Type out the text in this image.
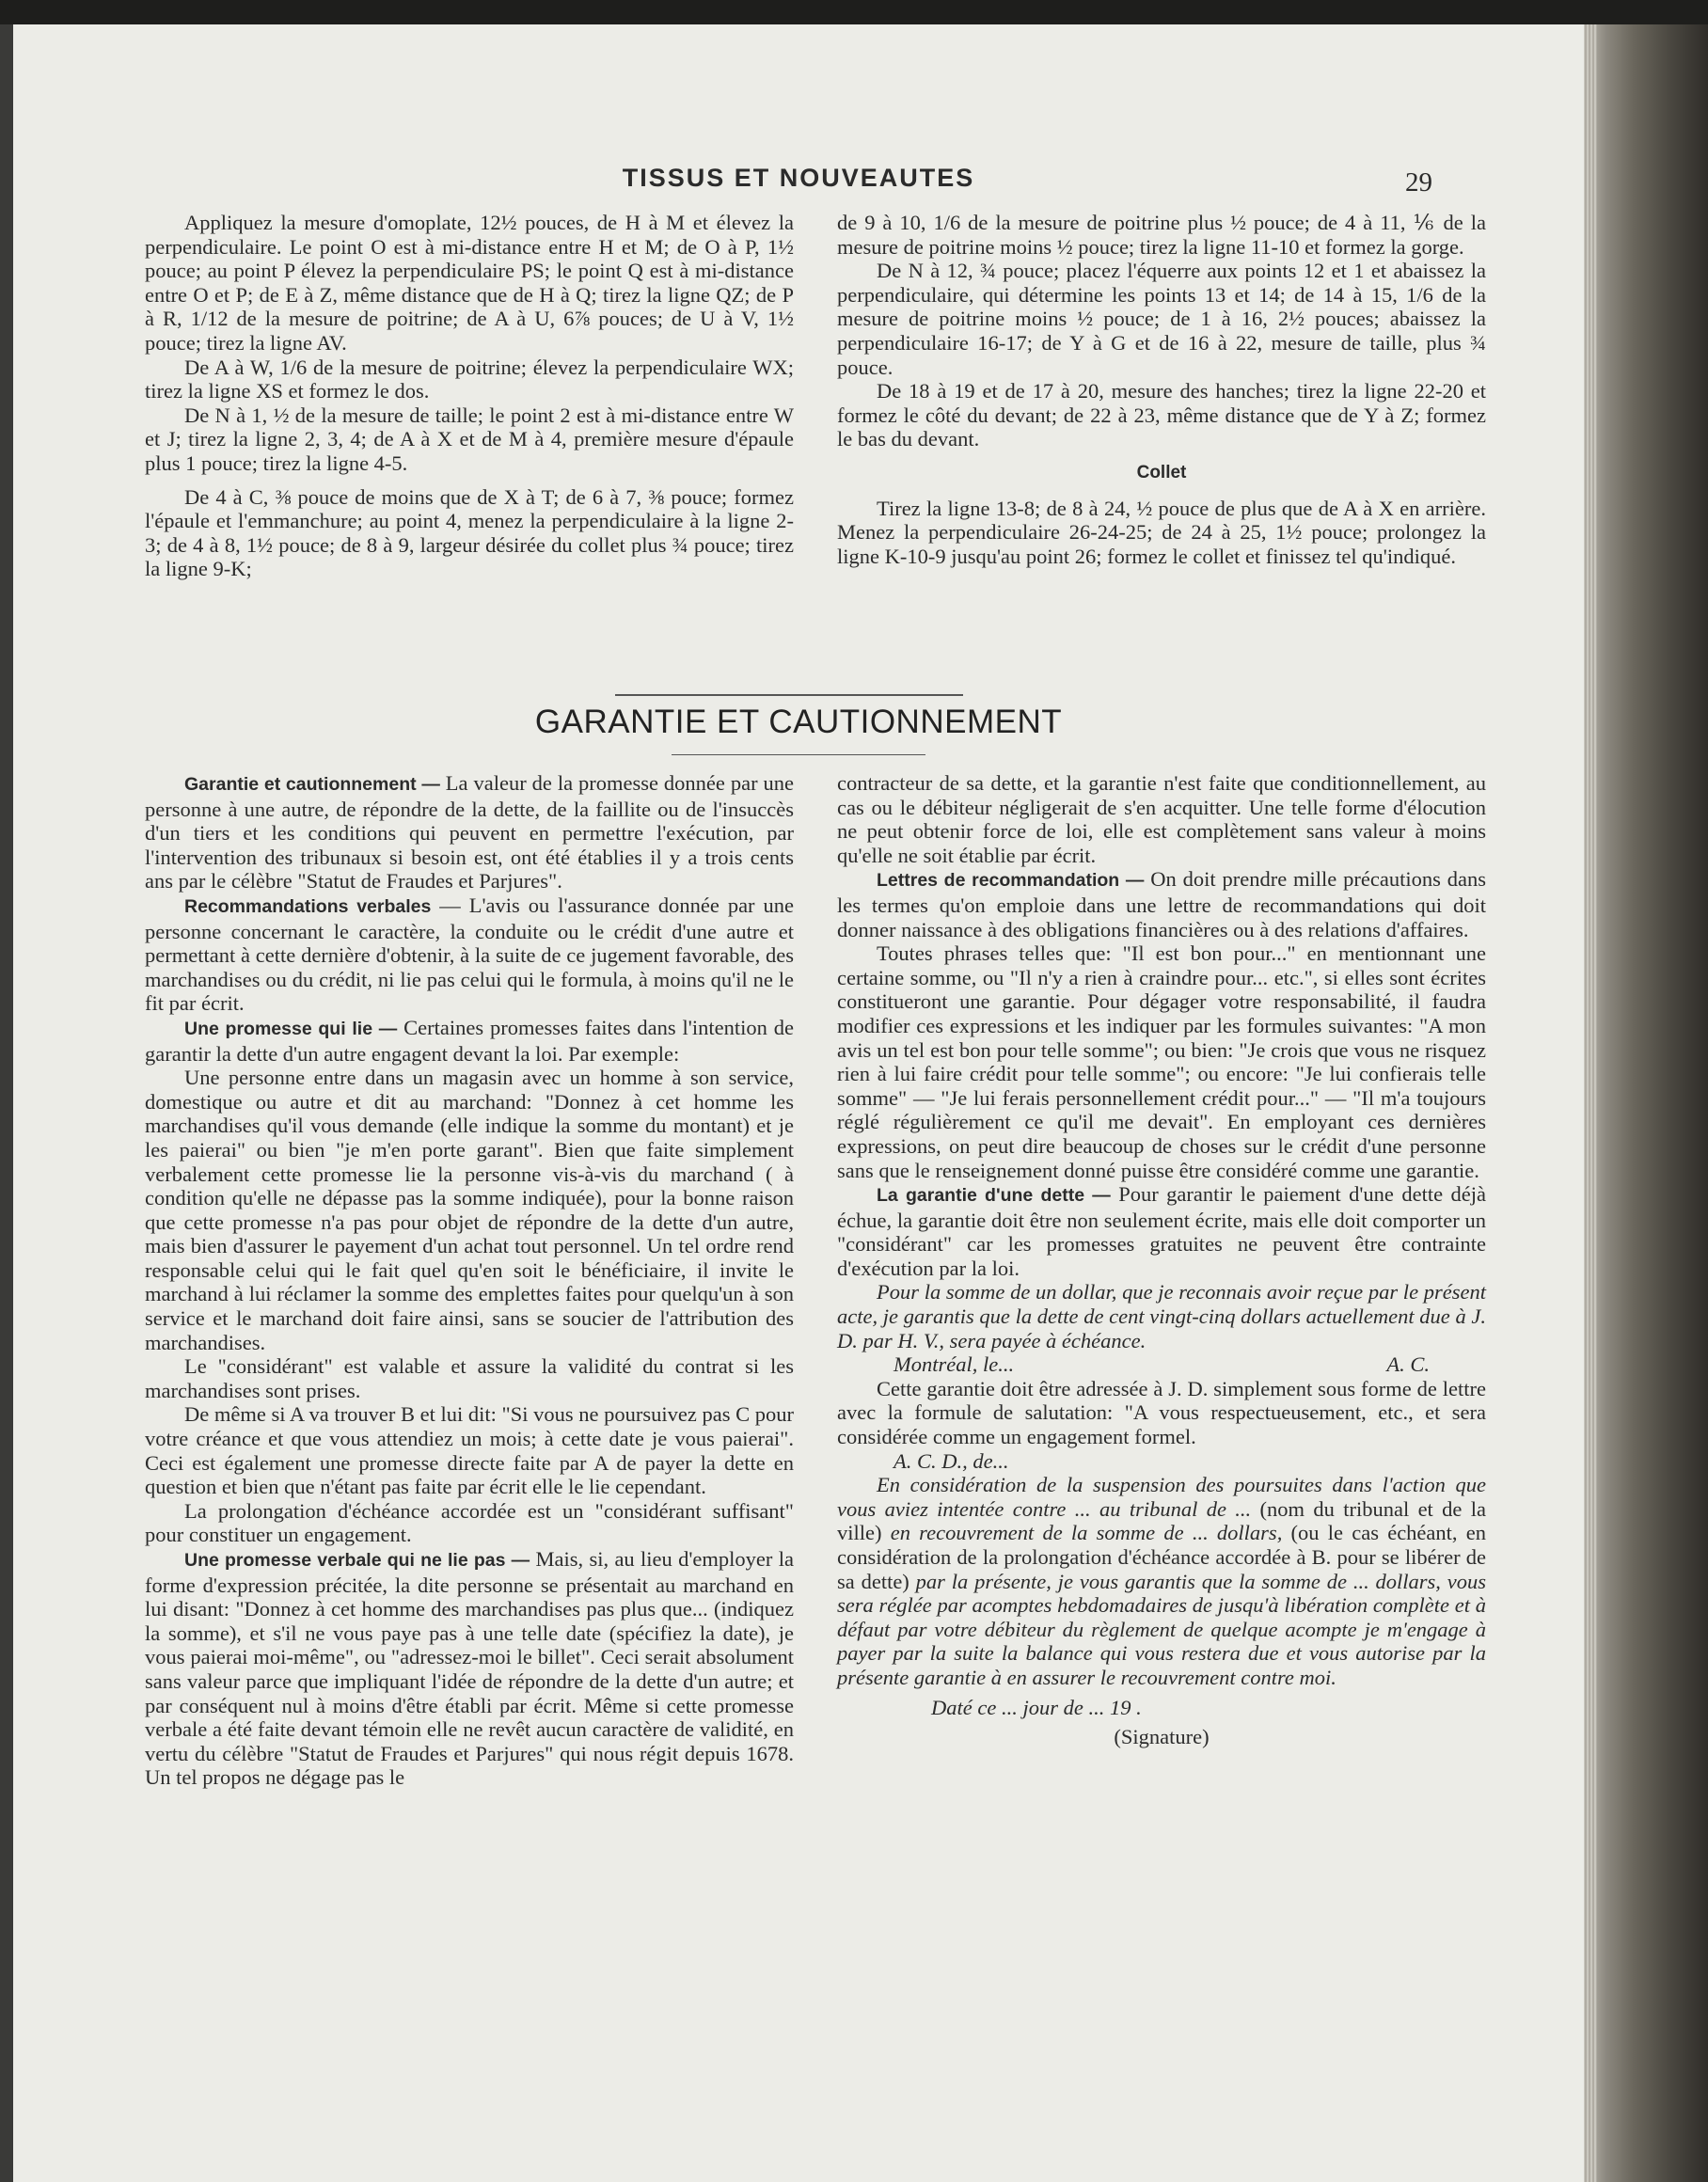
TISSUS ET NOUVEAUTES	29

Appliquez la mesure d'omoplate, 12½ pouces, de H à M et élevez la perpendiculaire. Le point O est à mi-distance entre H et M; de O à P, 1½ pouce; au point P élevez la perpendiculaire PS; le point Q est à mi-distance entre O et P; de E à Z, même distance que de H à Q; tirez la ligne QZ; de P à R, 1/12 de la mesure de poitrine; de A à U, 6⅞ pouces; de U à V, 1½ pouce; tirez la ligne AV.

De A à W, 1/6 de la mesure de poitrine; élevez la perpendiculaire WX; tirez la ligne XS et formez le dos.

De N à 1, ½ de la mesure de taille; le point 2 est à mi-distance entre W et J; tirez la ligne 2, 3, 4; de A à X et de M à 4, première mesure d'épaule plus 1 pouce; tirez la ligne 4-5.

De 4 à C, ⅜ pouce de moins que de X à T; de 6 à 7, ⅜ pouce; formez l'épaule et l'emmanchure; au point 4, menez la perpendiculaire à la ligne 2-3; de 4 à 8, 1½ pouce; de 8 à 9, largeur désirée du collet plus ¾ pouce; tirez la ligne 9-K;

de 9 à 10, 1/6 de la mesure de poitrine plus ½ pouce; de 4 à 11, ⅙ de la mesure de poitrine moins ½ pouce; tirez la ligne 11-10 et formez la gorge.

De N à 12, ¾ pouce; placez l'équerre aux points 12 et 1 et abaissez la perpendiculaire, qui détermine les points 13 et 14; de 14 à 15, 1/6 de la mesure de poitrine moins ½ pouce; de 1 à 16, 2½ pouces; abaissez la perpendiculaire 16-17; de Y à G et de 16 à 22, mesure de taille, plus ¾ pouce.

De 18 à 19 et de 17 à 20, mesure des hanches; tirez la ligne 22-20 et formez le côté du devant; de 22 à 23, même distance que de Y à Z; formez le bas du devant.

Collet

Tirez la ligne 13-8; de 8 à 24, ½ pouce de plus que de A à X en arrière. Menez la perpendiculaire 26-24-25; de 24 à 25, 1½ pouce; prolongez la ligne K-10-9 jusqu'au point 26; formez le collet et finissez tel qu'indiqué.

GARANTIE ET CAUTIONNEMENT

Garantie et cautionnement — La valeur de la promesse donnée par une personne à une autre, de répondre de la dette, de la faillite ou de l'insuccès d'un tiers et les conditions qui peuvent en permettre l'exécution, par l'intervention des tribunaux si besoin est, ont été établies il y a trois cents ans par le célèbre "Statut de Fraudes et Parjures".

Recommandations verbales — L'avis ou l'assurance donnée par une personne concernant le caractère, la conduite ou le crédit d'une autre et permettant à cette dernière d'obtenir, à la suite de ce jugement favorable, des marchandises ou du crédit, ni lie pas celui qui le formula, à moins qu'il ne le fit par écrit.

Une promesse qui lie — Certaines promesses faites dans l'intention de garantir la dette d'un autre engagent devant la loi. Par exemple:

Une personne entre dans un magasin avec un homme à son service, domestique ou autre et dit au marchand: "Donnez à cet homme les marchandises qu'il vous demande (elle indique la somme du montant) et je les paierai" ou bien "je m'en porte garant". Bien que faite simplement verbalement cette promesse lie la personne vis-à-vis du marchand ( à condition qu'elle ne dépasse pas la somme indiquée), pour la bonne raison que cette promesse n'a pas pour objet de répondre de la dette d'un autre, mais bien d'assurer le payement d'un achat tout personnel. Un tel ordre rend responsable celui qui le fait quel qu'en soit le bénéficiaire, il invite le marchand à lui réclamer la somme des emplettes faites pour quelqu'un à son service et le marchand doit faire ainsi, sans se soucier de l'attribution des marchandises.

Le "considérant" est valable et assure la validité du contrat si les marchandises sont prises.

De même si A va trouver B et lui dit: "Si vous ne poursuivez pas C pour votre créance et que vous attendiez un mois; à cette date je vous paierai". Ceci est également une promesse directe faite par A de payer la dette en question et bien que n'étant pas faite par écrit elle le lie cependant.

La prolongation d'échéance accordée est un "considérant suffisant" pour constituer un engagement.

Une promesse verbale qui ne lie pas — Mais, si, au lieu d'employer la forme d'expression précitée, la dite personne se présentait au marchand en lui disant: "Donnez à cet homme des marchandises pas plus que... (indiquez la somme), et s'il ne vous paye pas à une telle date (spécifiez la date), je vous paierai moi-même", ou "adressez-moi le billet". Ceci serait absolument sans valeur parce que impliquant l'idée de répondre de la dette d'un autre; et par conséquent nul à moins d'être établi par écrit. Même si cette promesse verbale a été faite devant témoin elle ne revêt aucun caractère de validité, en vertu du célèbre "Statut de Fraudes et Parjures" qui nous régit depuis 1678. Un tel propos ne dégage pas le

contracteur de sa dette, et la garantie n'est faite que conditionnellement, au cas ou le débiteur négligerait de s'en acquitter. Une telle forme d'élocution ne peut obtenir force de loi, elle est complètement sans valeur à moins qu'elle ne soit établie par écrit.

Lettres de recommandation — On doit prendre mille précautions dans les termes qu'on emploie dans une lettre de recommandations qui doit donner naissance à des obligations financières ou à des relations d'affaires.

Toutes phrases telles que: "Il est bon pour..." en mentionnant une certaine somme, ou "Il n'y a rien à craindre pour... etc.", si elles sont écrites constitueront une garantie. Pour dégager votre responsabilité, il faudra modifier ces expressions et les indiquer par les formules suivantes: "A mon avis un tel est bon pour telle somme"; ou bien: "Je crois que vous ne risquez rien à lui faire crédit pour telle somme"; ou encore: "Je lui confierais telle somme" — "Je lui ferais personnellement crédit pour..." — "Il m'a toujours réglé régulièrement ce qu'il me devait". En employant ces dernières expressions, on peut dire beaucoup de choses sur le crédit d'une personne sans que le renseignement donné puisse être considéré comme une garantie.

La garantie d'une dette — Pour garantir le paiement d'une dette déjà échue, la garantie doit être non seulement écrite, mais elle doit comporter un "considérant" car les promesses gratuites ne peuvent être contrainte d'exécution par la loi.

Pour la somme de un dollar, que je reconnais avoir reçue par le présent acte, je garantis que la dette de cent vingt-cinq dollars actuellement due à J. D. par H. V., sera payée à échéance.

Montréal, le...	A. C.

Cette garantie doit être adressée à J. D. simplement sous forme de lettre avec la formule de salutation: "A vous respectueusement, etc., et sera considérée comme un engagement formel.

A. C. D., de...

En considération de la suspension des poursuites dans l'action que vous aviez intentée contre ... au tribunal de ... (nom du tribunal et de la ville) en recouvrement de la somme de ... dollars, (ou le cas échéant, en considération de la prolongation d'échéance accordée à B. pour se libérer de sa dette) par la présente, je vous garantis que la somme de ... dollars, vous sera réglée par acomptes hebdomadaires de jusqu'à libération complète et à défaut par votre débiteur du règlement de quelque acompte je m'engage à payer par la suite la balance qui vous restera due et vous autorise par la présente garantie à en assurer le recouvrement contre moi.

Daté ce ... jour de ... 19 .

(Signature)
